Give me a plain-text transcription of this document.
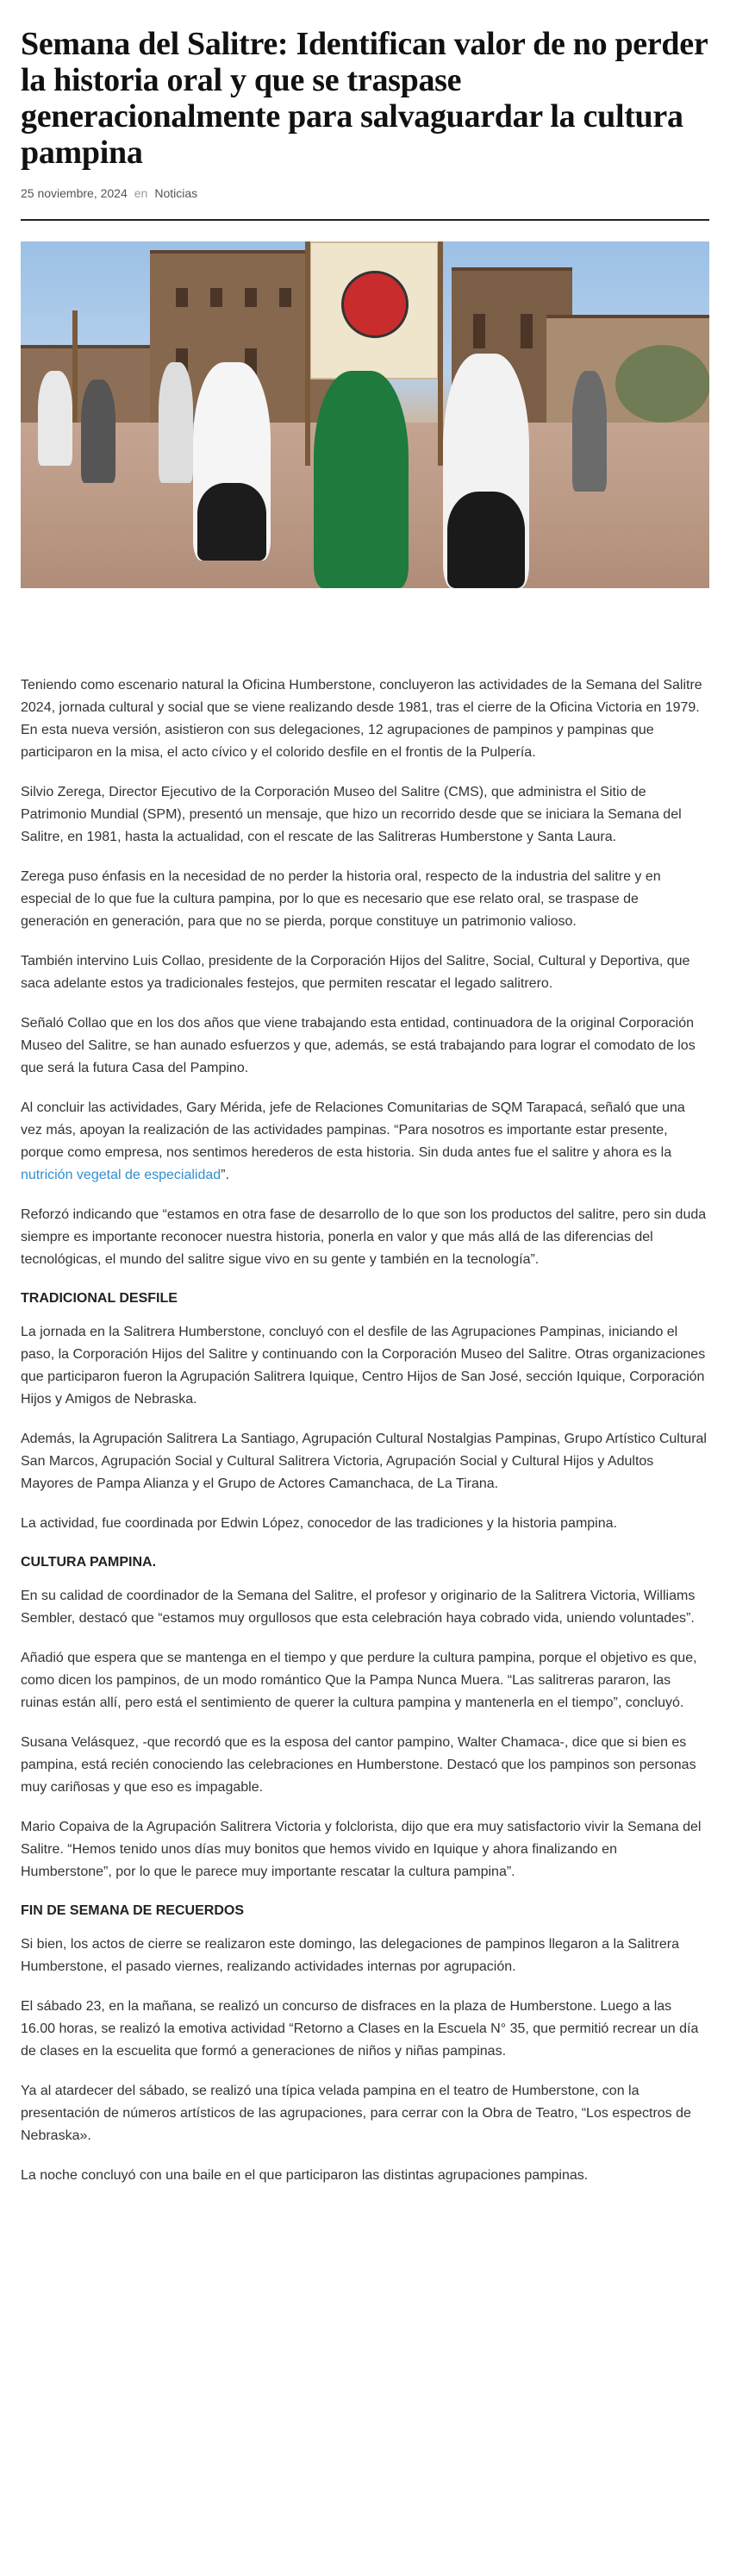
Semana del Salitre: Identifican valor de no perder la historia oral y que se traspase generacionalmente para salvaguardar la cultura pampina
25 noviembre, 2024 en Noticias

Teniendo como escenario natural la Oficina Humberstone, concluyeron las actividades de la Semana del Salitre 2024, jornada cultural y social que se viene realizando desde 1981, tras el cierre de la Oficina Victoria en 1979. En esta nueva versión, asistieron con sus delegaciones, 12 agrupaciones de pampinos y pampinas que participaron en la misa, el acto cívico y el colorido desfile en el frontis de la Pulpería.

Silvio Zerega, Director Ejecutivo de la Corporación Museo del Salitre (CMS), que administra el Sitio de Patrimonio Mundial (SPM), presentó un mensaje, que hizo un recorrido desde que se iniciara la Semana del Salitre, en 1981, hasta la actualidad, con el rescate de las Salitreras Humberstone y Santa Laura.

Zerega puso énfasis en la necesidad de no perder la historia oral, respecto de la industria del salitre y en especial de lo que fue la cultura pampina, por lo que es necesario que ese relato oral, se traspase de generación en generación, para que no se pierda, porque constituye un patrimonio valioso.

También intervino Luis Collao, presidente de la Corporación Hijos del Salitre, Social, Cultural y Deportiva, que saca adelante estos ya tradicionales festejos, que permiten rescatar el legado salitrero.

Señaló Collao que en los dos años que viene trabajando esta entidad, continuadora de la original Corporación Museo del Salitre, se han aunado esfuerzos y que, además, se está trabajando para lograr el comodato de los que será la futura Casa del Pampino.

Al concluir las actividades, Gary Mérida, jefe de Relaciones Comunitarias de SQM Tarapacá, señaló que una vez más, apoyan la realización de las actividades pampinas. “Para nosotros es importante estar presente, porque como empresa, nos sentimos herederos de esta historia. Sin duda antes fue el salitre y ahora es la nutrición vegetal de especialidad”.

Reforzó indicando que “estamos en otra fase de desarrollo de lo que son los productos del salitre, pero sin duda siempre es importante reconocer nuestra historia, ponerla en valor y que más allá de las diferencias del tecnológicas, el mundo del salitre sigue vivo en su gente y también en la tecnología”.

TRADICIONAL DESFILE

La jornada en la Salitrera Humberstone, concluyó con el desfile de las Agrupaciones Pampinas, iniciando el paso, la Corporación Hijos del Salitre y continuando con la Corporación Museo del Salitre. Otras organizaciones que participaron fueron la Agrupación Salitrera Iquique, Centro Hijos de San José, sección Iquique, Corporación Hijos y Amigos de Nebraska.

Además, la Agrupación Salitrera La Santiago, Agrupación Cultural Nostalgias Pampinas, Grupo Artístico Cultural San Marcos, Agrupación Social y Cultural Salitrera Victoria, Agrupación Social y Cultural Hijos y Adultos Mayores de Pampa Alianza y el Grupo de Actores Camanchaca, de La Tirana.

La actividad, fue coordinada por Edwin López, conocedor de las tradiciones y la historia pampina.

CULTURA PAMPINA.

En su calidad de coordinador de la Semana del Salitre, el profesor y originario de la Salitrera Victoria, Williams Sembler, destacó que “estamos muy orgullosos que esta celebración haya cobrado vida, uniendo voluntades”.

Añadió que espera que se mantenga en el tiempo y que perdure la cultura pampina, porque el objetivo es que, como dicen los pampinos, de un modo romántico Que la Pampa Nunca Muera. “Las salitreras pararon, las ruinas están allí, pero está el sentimiento de querer la cultura pampina y mantenerla en el tiempo”, concluyó.

Susana Velásquez, -que recordó que es la esposa del cantor pampino, Walter Chamaca-, dice que si bien es pampina, está recién conociendo las celebraciones en Humberstone. Destacó que los pampinos son personas muy cariñosas y que eso es impagable.

Mario Copaiva de la Agrupación Salitrera Victoria y folclorista, dijo que era muy satisfactorio vivir la Semana del Salitre. “Hemos tenido unos días muy bonitos que hemos vivido en Iquique y ahora finalizando en Humberstone”, por lo que le parece muy importante rescatar la cultura pampina”.

FIN DE SEMANA DE RECUERDOS

Si bien, los actos de cierre se realizaron este domingo, las delegaciones de pampinos llegaron a la Salitrera Humberstone, el pasado viernes, realizando actividades internas por agrupación.

El sábado 23, en la mañana, se realizó un concurso de disfraces en la plaza de Humberstone. Luego a las 16.00 horas, se realizó la emotiva actividad “Retorno a Clases en la Escuela N° 35, que permitió recrear un día de clases en la escuelita que formó a generaciones de niños y niñas pampinas.

Ya al atardecer del sábado, se realizó una típica velada pampina en el teatro de Humberstone, con la presentación de números artísticos de las agrupaciones, para cerrar con la Obra de Teatro, “Los espectros de Nebraska».

La noche concluyó con una baile en el que participaron las distintas agrupaciones pampinas.
